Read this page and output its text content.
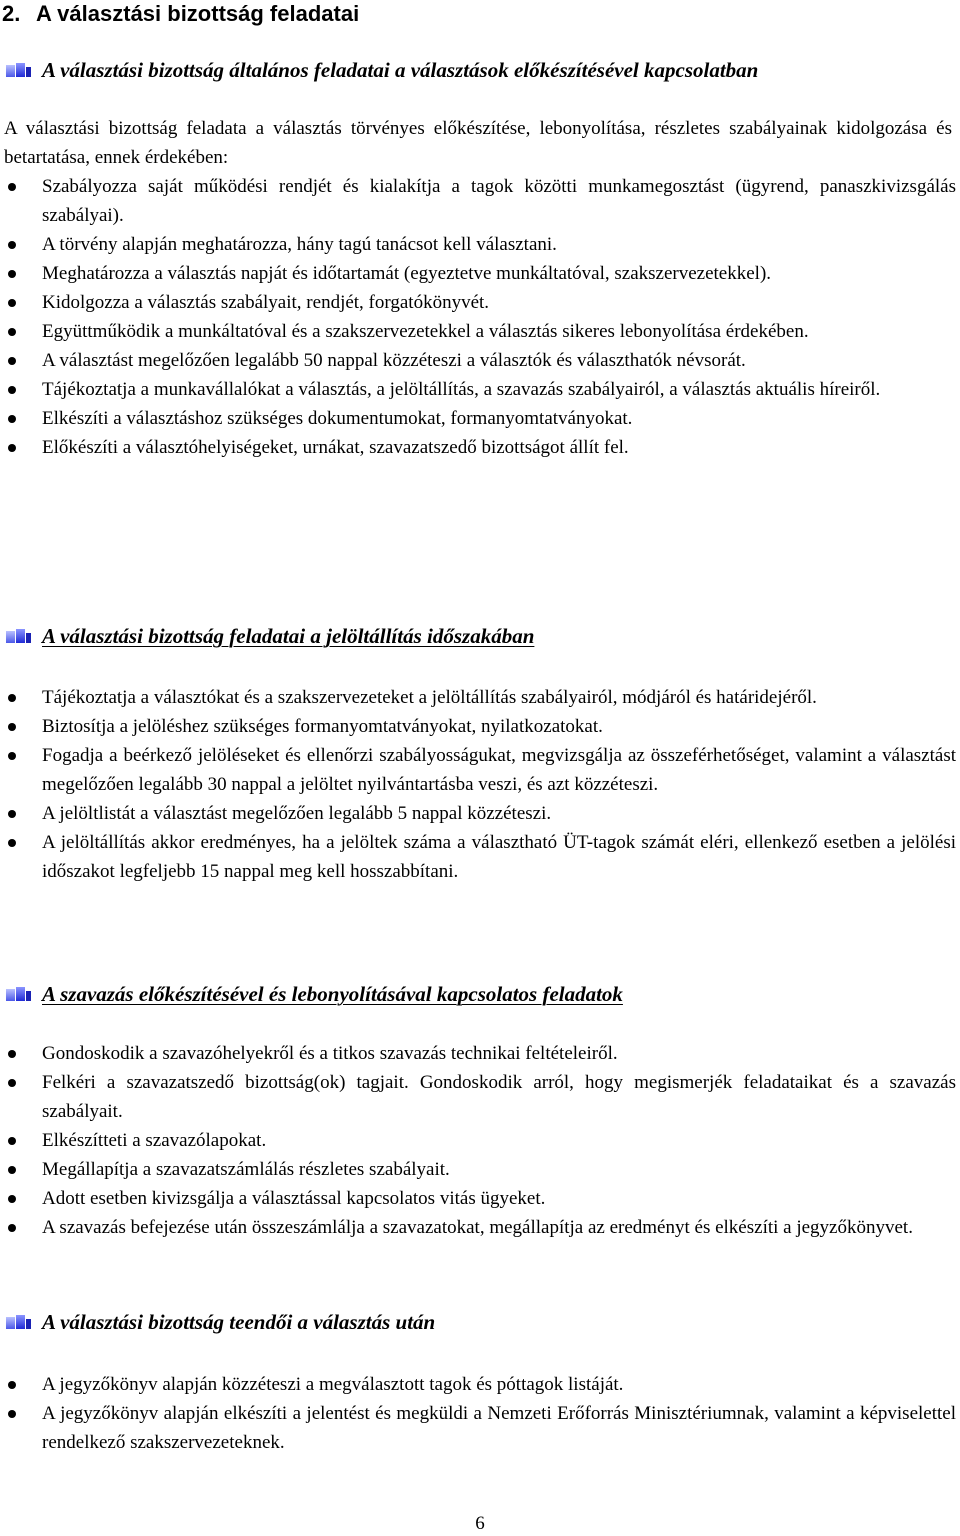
2. A választási bizottság feladatai
A választási bizottság általános feladatai a választások előkészítésével kapcsolatban

A választási bizottság feladata a választás törvényes előkészítése, lebonyolítása, részletes szabályainak kidolgozása és betartatása, ennek érdekében:

Szabályozza saját működési rendjét és kialakítja a tagok közötti munkamegosztást (ügyrend, panaszkivizsgálás szabályai).
A törvény alapján meghatározza, hány tagú tanácsot kell választani.
Meghatározza a választás napját és időtartamát (egyeztetve munkáltatóval, szakszervezetekkel).
Kidolgozza a választás szabályait, rendjét, forgatókönyvét.
Együttműködik a munkáltatóval és a szakszervezetekkel a választás sikeres lebonyolítása érdekében.
A választást megelőzően legalább 50 nappal közzéteszi a választók és választhatók névsorát.
Tájékoztatja a munkavállalókat a választás, a jelöltállítás, a szavazás szabályairól, a választás aktuális híreiről.
Elkészíti a választáshoz szükséges dokumentumokat, formanyomtatványokat.
Előkészíti a választóhelyiségeket, urnákat, szavazatszedő bizottságot állít fel.
A választási bizottság feladatai a jelöltállítás időszakában
Tájékoztatja a választókat és a szakszervezeteket a jelöltállítás szabályairól, módjáról és határidejéről.
Biztosítja a jelöléshez szükséges formanyomtatványokat, nyilatkozatokat.
Fogadja a beérkező jelöléseket és ellenőrzi szabályosságukat, megvizsgálja az összeférhetőséget, valamint a választást megelőzően legalább 30 nappal a jelöltet nyilvántartásba veszi, és azt közzéteszi.
A jelöltlistát a választást megelőzően legalább 5 nappal közzéteszi.
A jelöltállítás akkor eredményes, ha a jelöltek száma a választható ÜT-tagok számát eléri, ellenkező esetben a jelölési időszakot legfeljebb 15 nappal meg kell hosszabbítani.
A szavazás előkészítésével és lebonyolításával kapcsolatos feladatok
Gondoskodik a szavazóhelyekről és a titkos szavazás technikai feltételeiről.
Felkéri a szavazatszedő bizottság(ok) tagjait. Gondoskodik arról, hogy megismerjék feladataikat és a szavazás szabályait.
Elkészítteti a szavazólapokat.
Megállapítja a szavazatszámlálás részletes szabályait.
Adott esetben kivizsgálja a választással kapcsolatos vitás ügyeket.
A szavazás befejezése után összeszámlálja a szavazatokat, megállapítja az eredményt és elkészíti a jegyzőkönyvet.
A választási bizottság teendői a választás után
A jegyzőkönyv alapján közzéteszi a megválasztott tagok és póttagok listáját.
A jegyzőkönyv alapján elkészíti a jelentést és megküldi a Nemzeti Erőforrás Minisztériumnak, valamint a képviselettel rendelkező szakszervezeteknek.

6
